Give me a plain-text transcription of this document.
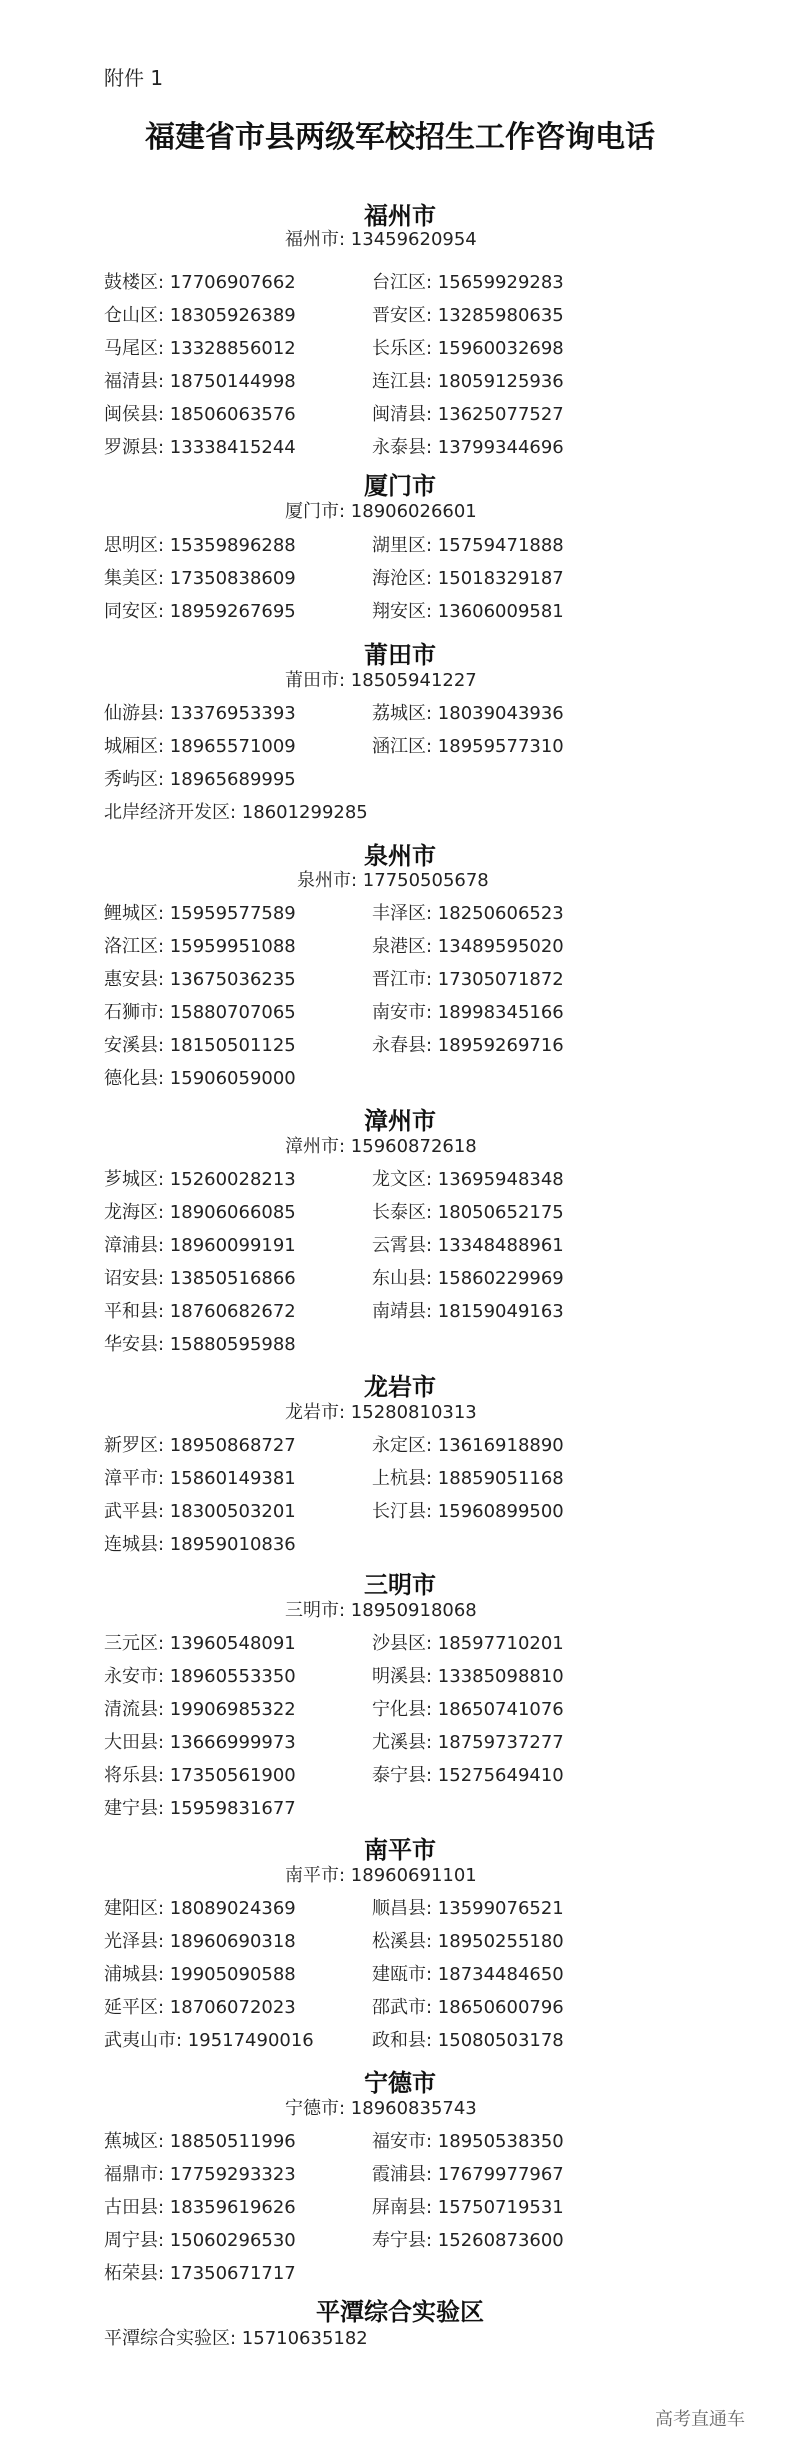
附件 1
福建省市县两级军校招生工作咨询电话
福州市
福州市: 13459620954
鼓楼区: 17706907662	台江区: 15659929283
仓山区: 18305926389	晋安区: 13285980635
马尾区: 13328856012	长乐区: 15960032698
福清县: 18750144998	连江县: 18059125936
闽侯县: 18506063576	闽清县: 13625077527
罗源县: 13338415244	永泰县: 13799344696
厦门市
厦门市: 18906026601
思明区: 15359896288	湖里区: 15759471888
集美区: 17350838609	海沧区: 15018329187
同安区: 18959267695	翔安区: 13606009581
莆田市
莆田市: 18505941227
仙游县: 13376953393	荔城区: 18039043936
城厢区: 18965571009	涵江区: 18959577310
秀屿区: 18965689995
北岸经济开发区: 18601299285
泉州市
泉州市: 17750505678
鲤城区: 15959577589	丰泽区: 18250606523
洛江区: 15959951088	泉港区: 13489595020
惠安县: 13675036235	晋江市: 17305071872
石狮市: 15880707065	南安市: 18998345166
安溪县: 18150501125	永春县: 18959269716
德化县: 15906059000
漳州市
漳州市: 15960872618
芗城区: 15260028213	龙文区: 13695948348
龙海区: 18906066085	长泰区: 18050652175
漳浦县: 18960099191	云霄县: 13348488961
诏安县: 13850516866	东山县: 15860229969
平和县: 18760682672	南靖县: 18159049163
华安县: 15880595988
龙岩市
龙岩市: 15280810313
新罗区: 18950868727	永定区: 13616918890
漳平市: 15860149381	上杭县: 18859051168
武平县: 18300503201	长汀县: 15960899500
连城县: 18959010836
三明市
三明市: 18950918068
三元区: 13960548091	沙县区: 18597710201
永安市: 18960553350	明溪县: 13385098810
清流县: 19906985322	宁化县: 18650741076
大田县: 13666999973	尤溪县: 18759737277
将乐县: 17350561900	泰宁县: 15275649410
建宁县: 15959831677
南平市
南平市: 18960691101
建阳区: 18089024369	顺昌县: 13599076521
光泽县: 18960690318	松溪县: 18950255180
浦城县: 19905090588	建瓯市: 18734484650
延平区: 18706072023	邵武市: 18650600796
武夷山市: 19517490016	政和县: 15080503178
宁德市
宁德市: 18960835743
蕉城区: 18850511996	福安市: 18950538350
福鼎市: 17759293323	霞浦县: 17679977967
古田县: 18359619626	屏南县: 15750719531
周宁县: 15060296530	寿宁县: 15260873600
柘荣县: 17350671717
平潭综合实验区
平潭综合实验区: 15710635182
高考直通车
